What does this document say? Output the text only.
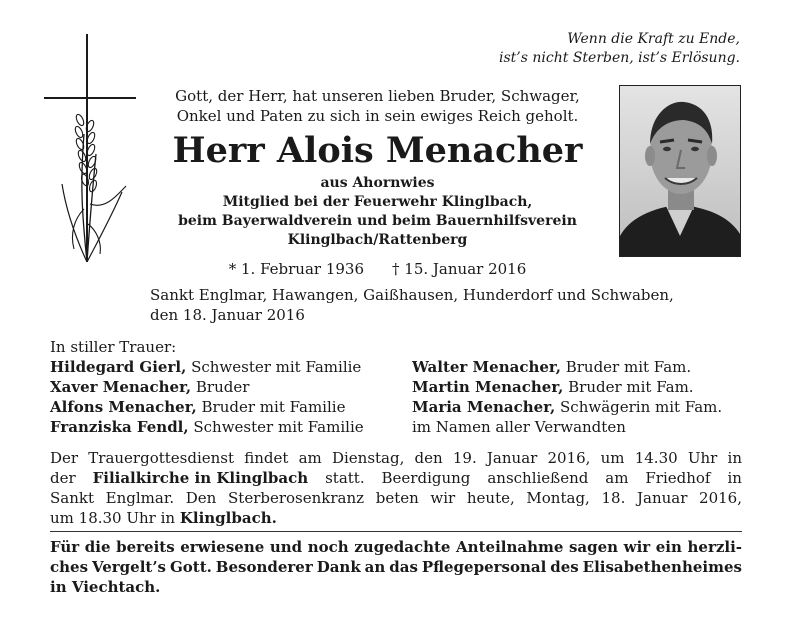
Wenn die Kraft zu Ende,
ist’s nicht Sterben, ist’s Erlösung.
Gott, der Herr, hat unseren lieben Bruder, Schwager,
Onkel und Paten zu sich in sein ewiges Reich geholt.
Herr Alois Menacher
aus Ahornwies
Mitglied bei der Feuerwehr Klinglbach,
beim Bayerwaldverein und beim Bauernhilfsverein
Klinglbach/Rattenberg
* 1. Februar 1936 † 15. Januar 2016
Sankt Englmar, Hawangen, Gaißhausen, Hunderdorf und Schwaben,
den 18. Januar 2016
In stiller Trauer:
Hildegard Gierl, Schwester mit Familie
Xaver Menacher, Bruder
Alfons Menacher, Bruder mit Familie
Franziska Fendl, Schwester mit Familie
Walter Menacher, Bruder mit Fam.
Martin Menacher, Bruder mit Fam.
Maria Menacher, Schwägerin mit Fam.
im Namen aller Verwandten
Der Trauergottesdienst findet am Dienstag, den 19. Januar 2016, um 14.30 Uhr in
der Filialkirche in Klinglbach statt. Beerdigung anschließend am Friedhof in
Sankt Englmar. Den Sterberosenkranz beten wir heute, Montag, 18. Januar 2016,
um 18.30 Uhr in Klinglbach.
Für die bereits erwiesene und noch zugedachte Anteilnahme sagen wir ein herzli-
ches Vergelt’s Gott. Besonderer Dank an das Pflegepersonal des Elisabethenheimes
in Viechtach.
